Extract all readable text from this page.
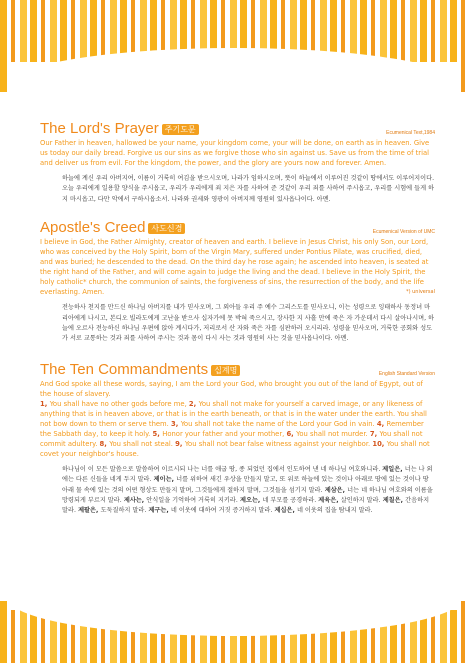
The Lord's Prayer 주기도문	Ecumenical Text,1984
Our Father in heaven, hallowed be your name, your kingdom come, your will be done, on earth as in heaven. Give us today our daily bread. Forgive us our sins as we forgive those who sin against us. Save us from the time of trial and deliver us from evil. For the kingdom, the power, and the glory are yours now and forever. Amen.
하늘에 계신 우리 아버지여, 이름이 거룩히 여김을 받으시오며, 나라가 임하시오며, 뜻이 하늘에서 이루어진 것같이 땅에서도 이루어지이다. 오늘 우리에게 일용할 양식을 주시옵고, 우리가 우리에게 죄 지은 자를 사하여 준 것같이 우리 죄를 사하여 주시옵고, 우리를 시험에 들게 하지 마시옵고, 다만 악에서 구하시옵소서. 나라와 권세와 영광이 아버지께 영원히 있사옵나이다. 아멘.
Apostle's Creed 사도신경	Ecumenical Version of UMC
I believe in God, the Father Almighty, creator of heaven and earth. I believe in Jesus Christ, his only Son, our Lord, who was conceived by the Holy Spirit, born of the Virgin Mary, suffered under Pontius Pilate, was crucified, died, and was buried; he descended to the dead. On the third day he rose again; he ascended into heaven, is seated at the right hand of the Father, and will come again to judge the living and the dead. I believe in the Holy Spirit, the holy catholic* church, the communion of saints, the forgiveness of sins, the resurrection of the body, and the life everlasting. Amen.	*) universal
전능하사 천지를 만드신 하나님 아버지를 내가 믿사오며, 그 외아들 우리 주 예수 그리스도를 믿사오니, 이는 성령으로 잉태하사 동정녀 마리아에게 나시고, 본디오 빌라도에게 고난을 받으사 십자가에 못 박혀 죽으시고, 장사한 지 사흘 만에 죽은 자 가운데서 다시 살아나시며, 하늘에 오르사 전능하신 하나님 우편에 앉아 계시다가, 저리로서 산 자와 죽은 자를 심판하러 오시리라. 성령을 믿사오며, 거룩한 공회와 성도가 서로 교통하는 것과 죄를 사하여 주시는 것과 몸이 다시 사는 것과 영원히 사는 것을 믿사옵나이다. 아멘.
The Ten Commandments 십계명	English Standard Version
And God spoke all these words, saying, I am the Lord your God, who brought you out of the land of Egypt, out of the house of slavery.
1, You shall have no other gods before me, 2, You shall not make for yourself a carved image, or any likeness of anything that is in heaven above, or that is in the earth beneath, or that is in the water under the earth. You shall not bow down to them or serve them. 3, You shall not take the name of the Lord your God in vain. 4, Remember the Sabbath day, to keep it holy. 5, Honor your father and your mother, 6, You shall not murder. 7, You shall not commit adultery. 8, You shall not steal. 9, You shall not bear false witness against your neighbor. 10, You shall not covet your neighbor's house.
하나님이 이 모든 말씀으로 말씀하여 이르시되 나는 너를 애굽 땅, 종 되었던 집에서 인도하여 낸 네 하나님 여호와니라. 제일은, 너는 나 외에는 다른 신들을 네게 두지 말라. 제이는, 너를 위하여 새긴 우상을 만들지 말고, 또 위로 하늘에 있는 것이나 아래로 땅에 있는 것이나 땅 아래 물 속에 있는 것의 어떤 형상도 만들지 말며, 그것들에게 절하지 말며, 그것들을 섬기지 말라. 제삼은, 너는 네 하나님 여호와의 이름을 망령되게 부르지 말라. 제사는, 안식일을 기억하여 거룩히 지키라. 제오는, 네 부모를 공경하라. 제육은, 살인하지 말라. 제칠은, 간음하지 말라. 제팔은, 도둑질하지 말라. 제구는, 네 이웃에 대하여 거짓 증거하지 말라. 제십은, 네 이웃의 집을 탐내지 말라.
